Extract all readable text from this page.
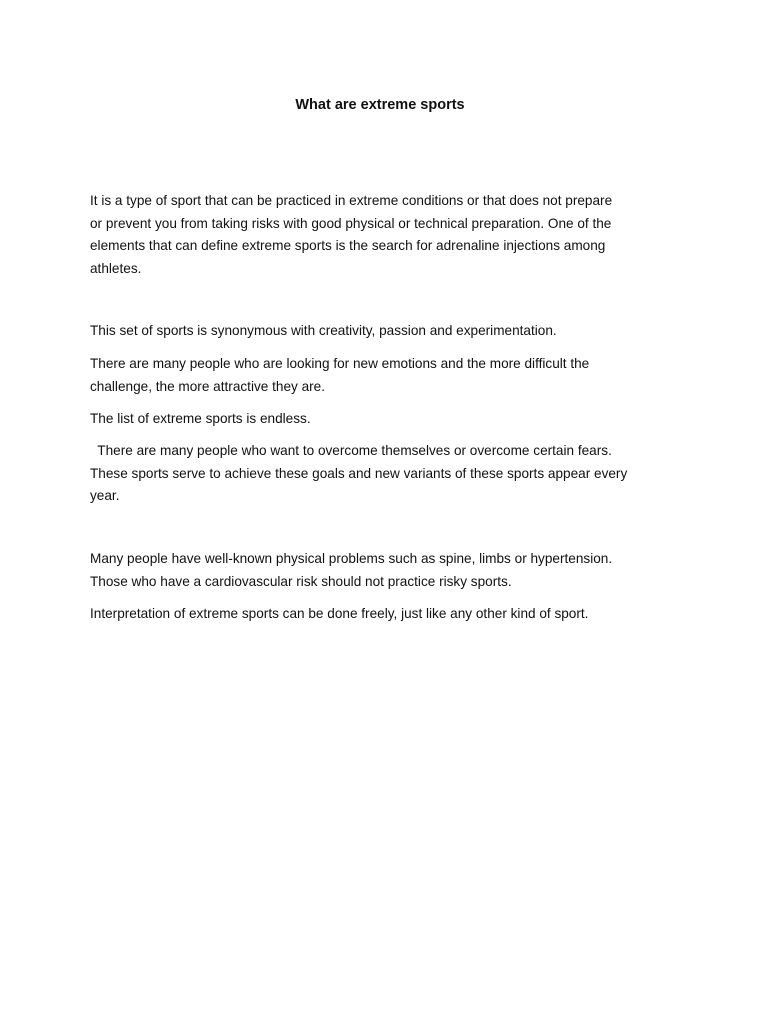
What are extreme sports

It is a type of sport that can be practiced in extreme conditions or that does not prepare
or prevent you from taking risks with good physical or technical preparation. One of the
elements that can define extreme sports is the search for adrenaline injections among
athletes.

This set of sports is synonymous with creativity, passion and experimentation.

There are many people who are looking for new emotions and the more difficult the
challenge, the more attractive they are.

The list of extreme sports is endless.

There are many people who want to overcome themselves or overcome certain fears.
These sports serve to achieve these goals and new variants of these sports appear every
year.

Many people have well-known physical problems such as spine, limbs or hypertension.
Those who have a cardiovascular risk should not practice risky sports.

Interpretation of extreme sports can be done freely, just like any other kind of sport.
